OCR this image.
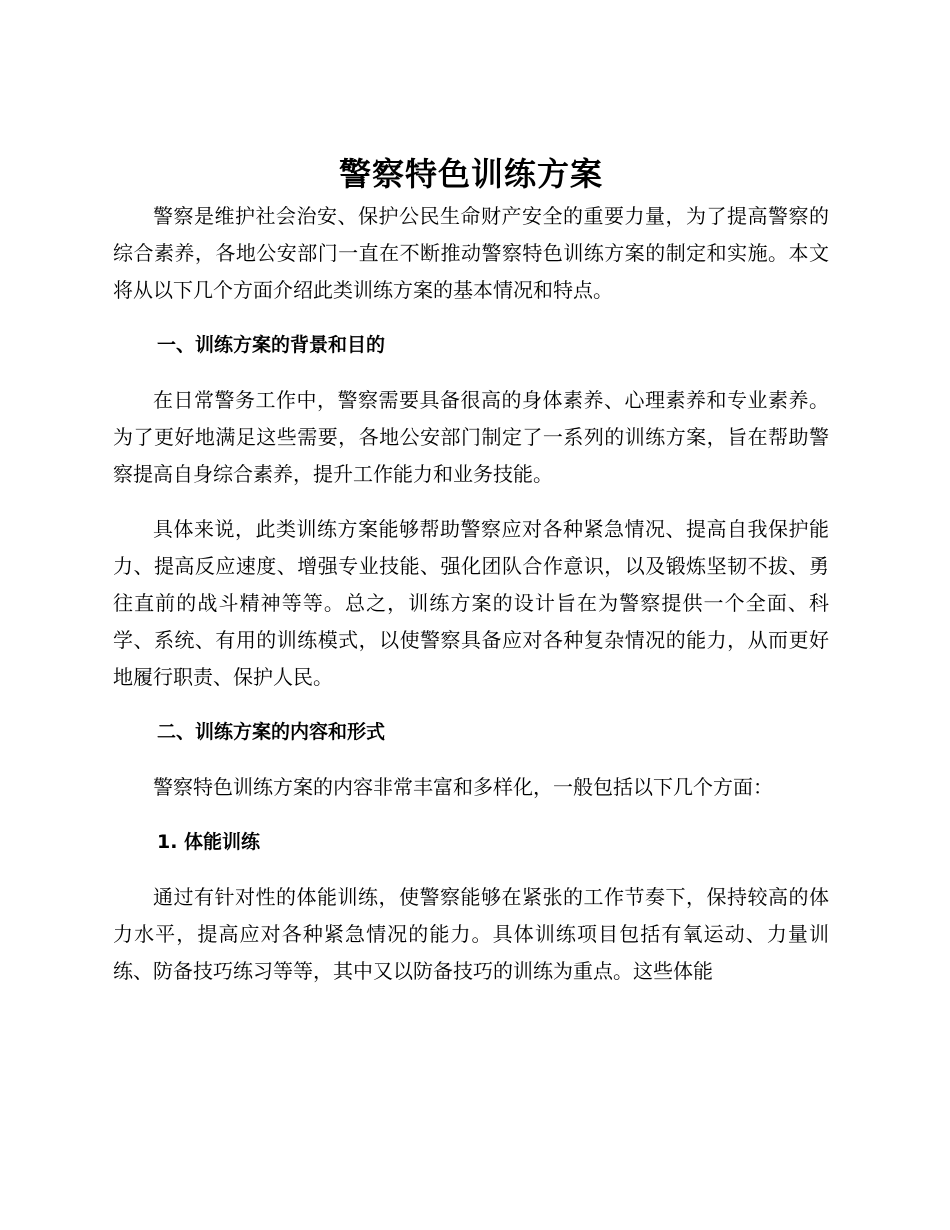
警察特色训练方案

警察是维护社会治安、保护公民生命财产安全的重要力量，为了提高警察的综合素养，各地公安部门一直在不断推动警察特色训练方案的制定和实施。本文将从以下几个方面介绍此类训练方案的基本情况和特点。

一、训练方案的背景和目的

在日常警务工作中，警察需要具备很高的身体素养、心理素养和专业素养。为了更好地满足这些需要，各地公安部门制定了一系列的训练方案，旨在帮助警察提高自身综合素养，提升工作能力和业务技能。

具体来说，此类训练方案能够帮助警察应对各种紧急情况、提高自我保护能力、提高反应速度、增强专业技能、强化团队合作意识，以及锻炼坚韧不拔、勇往直前的战斗精神等等。总之，训练方案的设计旨在为警察提供一个全面、科学、系统、有用的训练模式，以使警察具备应对各种复杂情况的能力，从而更好地履行职责、保护人民。

二、训练方案的内容和形式

警察特色训练方案的内容非常丰富和多样化，一般包括以下几个方面：

1. 体能训练

通过有针对性的体能训练，使警察能够在紧张的工作节奏下，保持较高的体力水平，提高应对各种紧急情况的能力。具体训练项目包括有氧运动、力量训练、防备技巧练习等等，其中又以防备技巧的训练为重点。这些体能
